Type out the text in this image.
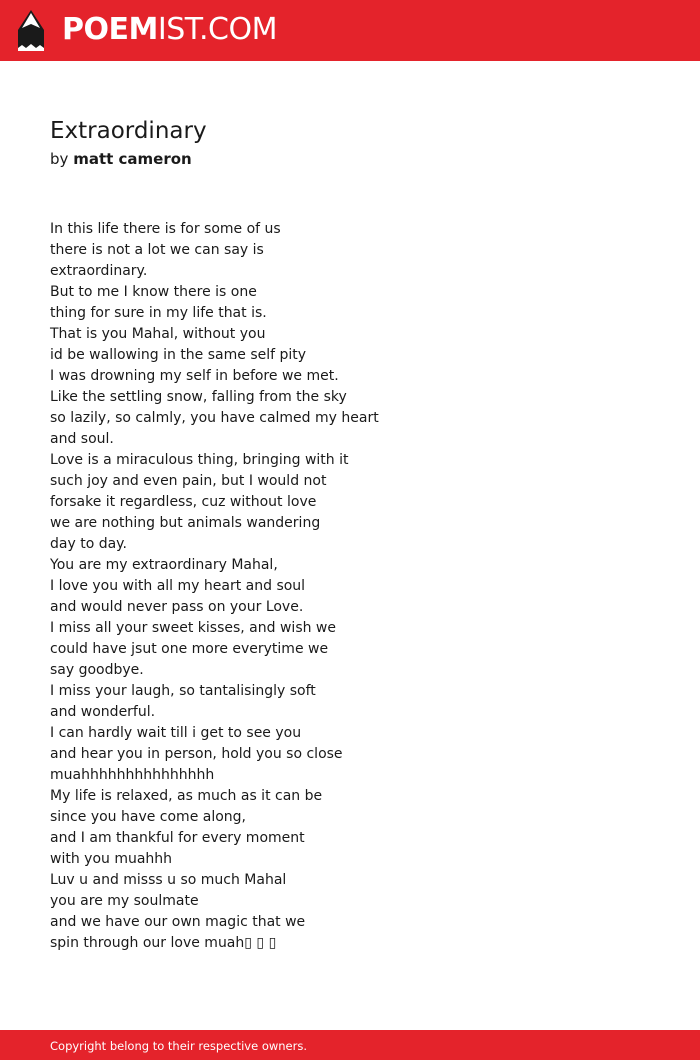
POEMIST.COM
Extraordinary
by matt cameron
In this life there is for some of us
there is not a lot we can say is
extraordinary.
But to me I know there is one
thing for sure in my life that is.
That is you Mahal, without you
id be wallowing in the same self pity
I was drowning my self in before we met.
Like the settling snow, falling from the sky
so lazily, so calmly, you have calmed my heart
and soul.
Love is a miraculous thing, bringing with it
such joy and even pain, but I would not
forsake it regardless, cuz without love
we are nothing but animals wandering
day to day.
You are my extraordinary Mahal,
I love you with all my heart and soul
and would never pass on your Love.
I miss all your sweet kisses, and wish we
could have jsut one more everytime we
say goodbye.
I miss your laugh, so tantalisingly soft
and wonderful.
I can hardly wait till i get to see you
and hear you in person, hold you so close
muahhhhhhhhhhhhhhh
My life is relaxed, as much as it can be
since you have come along,
and I am thankful for every moment
with you muahhh
Luv u and misss u so much Mahal
you are my soulmate
and we have our own magic that we
spin through our love muah▯ ▯ ▯
Copyright belong to their respective owners.
